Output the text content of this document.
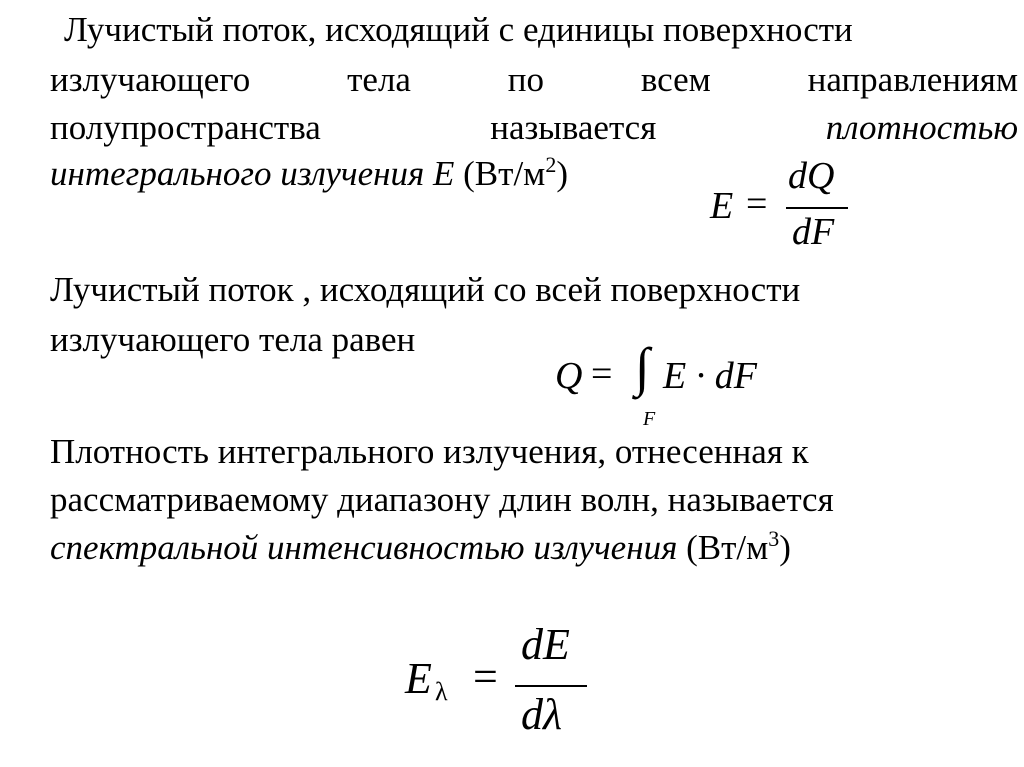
Лучистый поток, исходящий с единицы поверхности
излучающего	тела	по	всем	направлениям
полупространства	называется	плотностью
интегрального излучения E $(Вт/м^2)$
E =
dQ
dF
Лучистый поток , исходящий со всей поверхности
излучающего тела равен
Q = ∫ E · dF
F
Плотность интегрального излучения, отнесенная к
рассматриваемому диапазону длин волн, называется
спектральной интенсивностью излучения $(Вт/м^3)$
E λ =
dE
dλ
